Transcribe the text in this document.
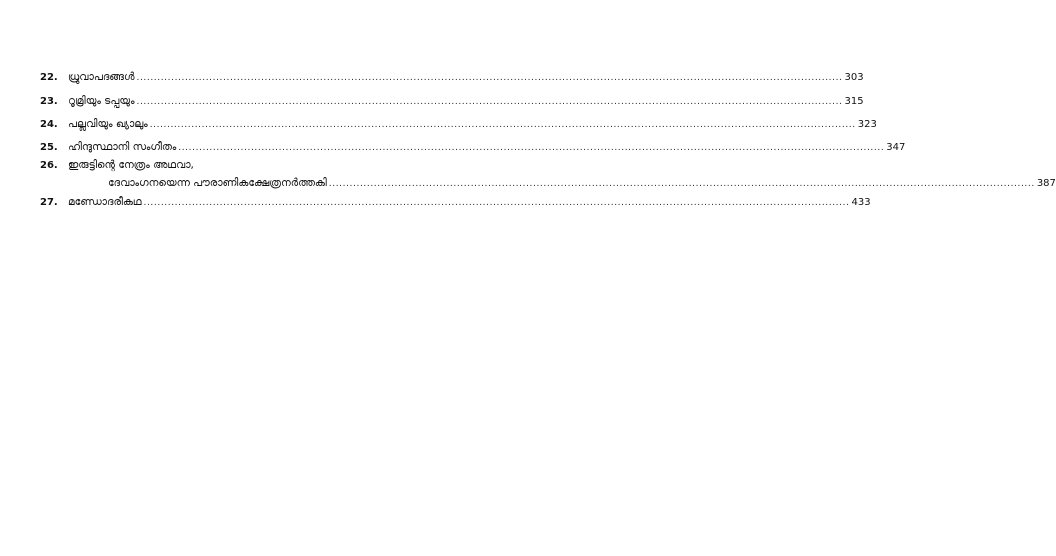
22. ധ്രുവാപദങ്ങൾ ............................................................................................................................................................................................................ 303
23. റൂമ്രിയും ടപ്പയും ............................................................................................................................................................................................................ 315
24. പല്ലവിയും ഖ്യാലും ............................................................................................................................................................................................................ 323
25. ഹിന്ദുസ്ഥാനി സംഗീതം ............................................................................................................................................................................................................ 347
26. ഇരുട്ടിന്റെ നേത്രം അഥവാ,
ദേവാംഗനയെന്ന പൗരാണികക്ഷേത്രനർത്തകി ............................................................................................................................................................................................................ 387
27. മണ്ഡോദരീകഥ ............................................................................................................................................................................................................ 433
